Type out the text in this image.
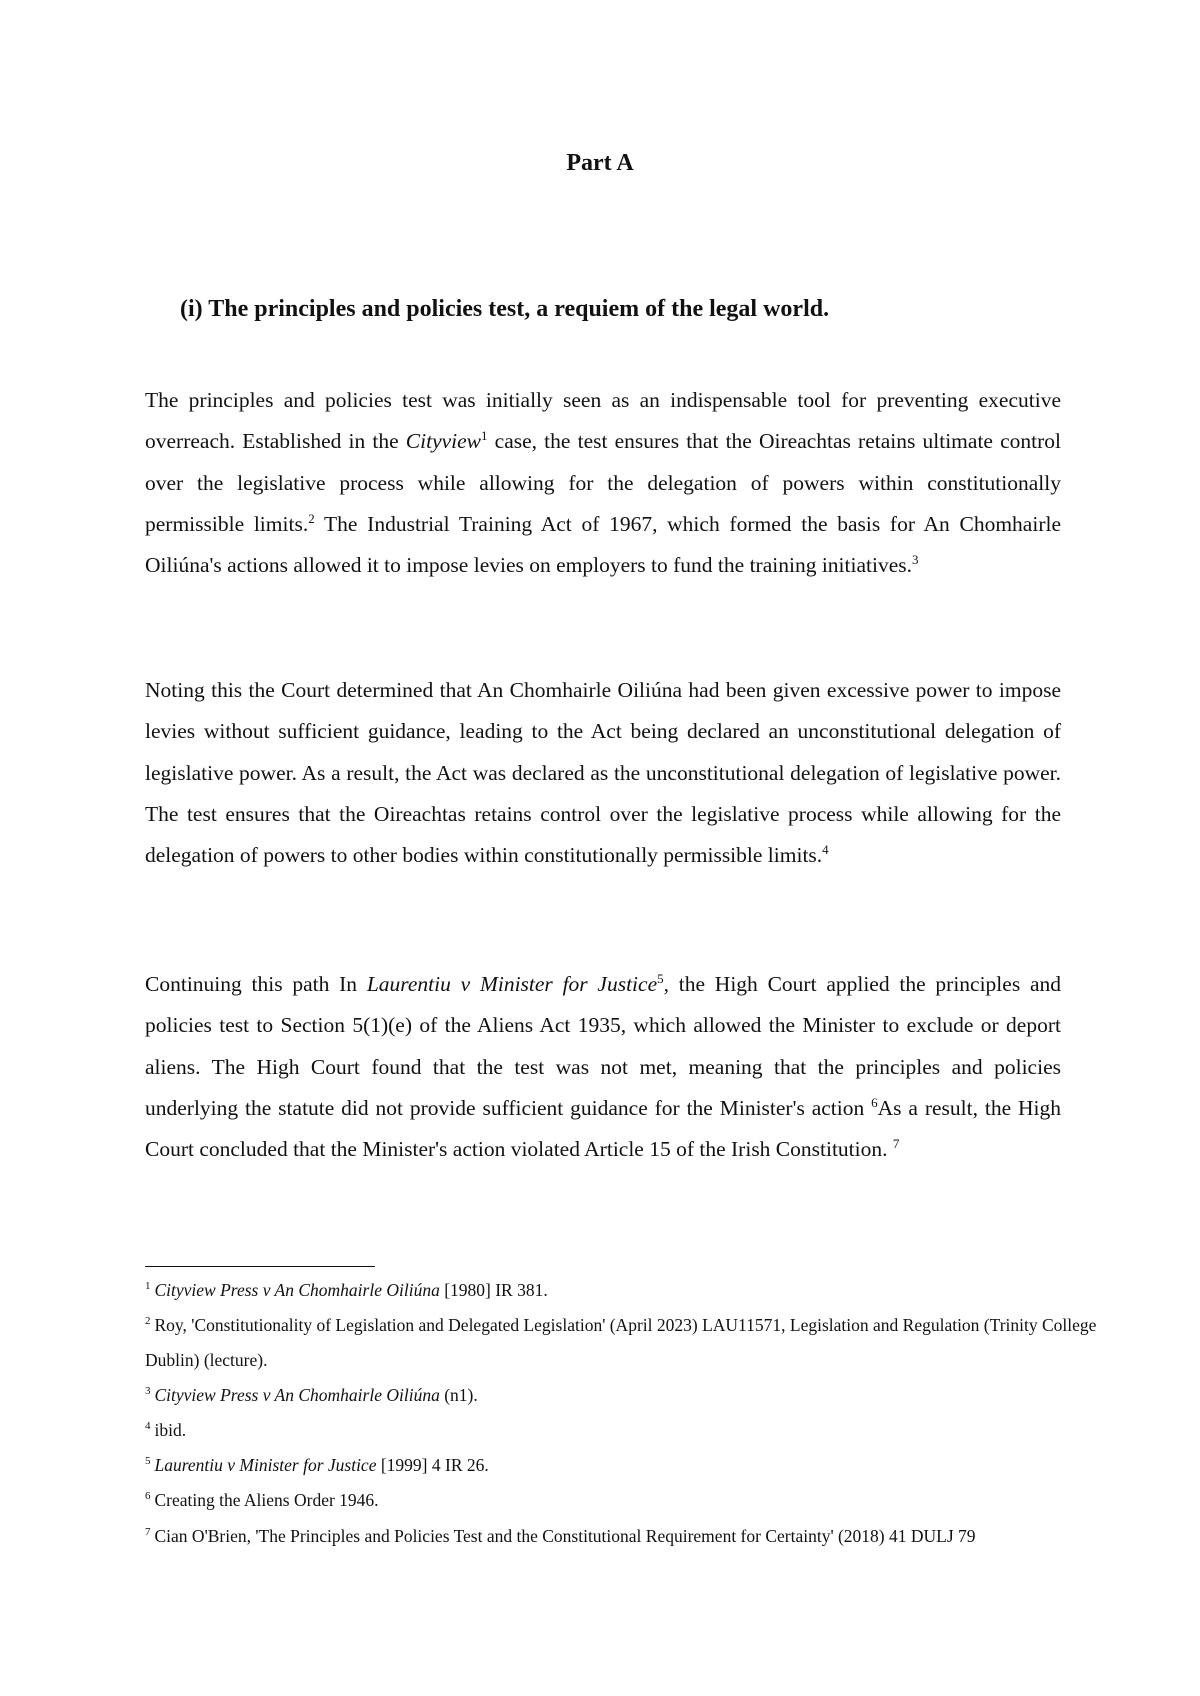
Part A
(i) The principles and policies test, a requiem of the legal world.

The principles and policies test was initially seen as an indispensable tool for preventing executive overreach. Established in the Cityview$^1$ case, the test ensures that the Oireachtas retains ultimate control over the legislative process while allowing for the delegation of powers within constitutionally permissible limits.$^2$ The Industrial Training Act of 1967, which formed the basis for An Chomhairle Oiliúna's actions allowed it to impose levies on employers to fund the training initiatives.$^3$

Noting this the Court determined that An Chomhairle Oiliúna had been given excessive power to impose levies without sufficient guidance, leading to the Act being declared an unconstitutional delegation of legislative power. As a result, the Act was declared as the unconstitutional delegation of legislative power. The test ensures that the Oireachtas retains control over the legislative process while allowing for the delegation of powers to other bodies within constitutionally permissible limits.$^4$

Continuing this path In Laurentiu v Minister for Justice$^5$, the High Court applied the principles and policies test to Section 5(1)(e) of the Aliens Act 1935, which allowed the Minister to exclude or deport aliens. The High Court found that the test was not met, meaning that the principles and policies underlying the statute did not provide sufficient guidance for the Minister's action $^6$As a result, the High Court concluded that the Minister's action violated Article 15 of the Irish Constitution. $^7$

$^1$ Cityview Press v An Chomhairle Oiliúna [1980] IR 381.
$^2$ Roy, 'Constitutionality of Legislation and Delegated Legislation' (April 2023) LAU11571, Legislation and Regulation (Trinity College Dublin) (lecture).
$^3$ Cityview Press v An Chomhairle Oiliúna (n1).
$^4$ ibid.
$^5$ Laurentiu v Minister for Justice [1999] 4 IR 26.
$^6$ Creating the Aliens Order 1946.
$^7$ Cian O'Brien, 'The Principles and Policies Test and the Constitutional Requirement for Certainty' (2018) 41 DULJ 79
